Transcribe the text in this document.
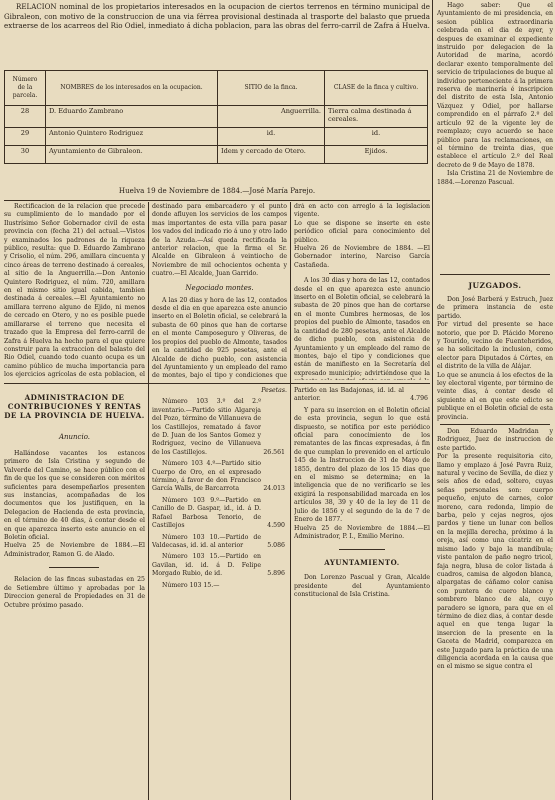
RELACION nominal de los propietarios interesados en la ocupacion de ciertos terrenos en término municipal de Gibraleon, con motivo de la construccion de una via férrea provisional destinada al trasporte del balasto que prueda extraerse de los acarreos del Rio Odiel, inmediato á dicha poblacion, para las obras del ferro-carril de Zafra á Huelva.

Número de la parcela.	NOMBRES de los interesados en la ocupacion.	SITIO de la finca.	CLASE de la finca y cultivo.
28	D. Eduardo Zambrano	Anguerrilla.	Tierra calma destinada á cereales.
29	Antonio Quintero Rodriguez	id.	id.
30	Ayuntamiento de Gibraleon.	Idem y cercado de Otero.	Ejidos.

Huelva 19 de Noviembre de 1884.—José María Parejo.

Hago saber: Que el Ayuntamiento de mi presidencia, en sesion pública extraordinaria celebrada en el dia de ayer, y despues de examinar el expediente instruido por delegacion de la Autoridad de marina, acordó declarar exento temporalmente del servicio de tripulaciones de buque al individuo perteneciente á la primera reserva de marinería é inscripcion del distrito de esta Isla, Antonio Vázquez y Odiel, por hallarse comprendido en el párrafo 2.º del artículo 92 de la vigente ley de reemplazo; cuyo acuerdo se hace público para las reclamaciones, en el término de treinta dias, que establece el artículo 2.º del Real decreto de 9 de Mayo de 1878.

Isla Cristina 21 de Noviembre de 1884.—Lorenzo Pascual.

JUZGADOS.

Don José Barberá y Estruch, Juez de primera instancia de este partido.
Por virtud del presente se hace notorio, que por D. Plácido Moreno y Tourido, vecino de Fuenteheridos, se ha solicitado la inclusion, como elector para Diputados á Córtes, en el distrito de la villa de Alájar.
Lo que se anuncia á los efectos de la ley electoral vigente, por término de veinte dias, á contar desde el siguiente al en que este edicto se publique en el Boletin oficial de esta provincia.

Rectificacion de la relacion que precede su cumplimiento de lo mandado por el Ilustrísimo Señor Gobernador civil de esta provincia con (fecha 21) del actual.—Vistos y examinados los padrones de la riqueza público, resulta: que D. Eduardo Zambrano y Crisolio, el núm. 296, amillara cincuenta y cinco áreas de terreno destinado á cereales, al sitio de la Anguerrilla.—Don Antonio Quintero Rodriguez, el núm. 720, amillara en el mismo sitio igual cabida, tambien destinada á cereales.—El Ayuntamiento no amillara terreno alguno de Ejido, ni menos de cercado en Otero, y no es posible puede amillararse el terreno que necesita el trazado que la Empresa del ferro-carril de Zafra á Huelva ha hecho para el que quiere construir para la extraccion del balasto del Rio Odiel, cuando todo cuanto ocupa es un camino público de mucha importancia para los ejercicios agrícolas de esta poblacion, el

destinado para embarcadero y el punto donde afluyen los servicios de los campos mas importantes de esta villa para pasar los vados del indicado rio á uno y otro lado de la Azuda.—Así queda rectificada la anterior relacion, que la firma el Sr. Alcalde en Gibraleon á veintiocho de Noviembre de mil ochocientos ochenta y cuatro.—El Alcalde, Juan Garrido.

Negociado montes.

A las 20 dias y hora de las 12, contados desde el dia en que aparezca este anuncio inserto en el Boletin oficial, se celebrará la subasta de 60 pinos que han de cortarse en el monte Camposeguro y Oliveras, de los propios del pueblo de Almonte, tasados en la cantidad de 925 pesetas, ante el Alcalde de dicho pueblo, con asistencia del Ayuntamiento y un empleado del ramo de montes, bajo el tipo y condiciones que

drá en acto con arreglo á la legislacion vigente.
Lo que se dispone se inserte en este periódico oficial para conocimiento del público.
Huelva 26 de Noviembre de 1884. —El Gobernador interino, Narciso García Castañeda.

A los 30 dias y hora de las 12, contados desde el en que aparezca este anuncio inserto en el Boletin oficial, se celebrará la subasta de 20 pinos que han de cortarse en el monte Cumbres hermosas, de los propios del pueblo de Almonte, tasados en la cantidad de 280 pesetas, ante el Alcalde de dicho pueblo, con asistencia de Ayuntamiento y un empleado del ramo de montes, bajo el tipo y condiciones que están de manifiesto en la Secretaría del expresado municipio; advirtiéndose que la

ADMINISTRACION DE CONTRIBUCIONES Y RENTAS DE LA PROVINCIA DE HUELVA.

Anuncio.

Hallándose vacantes los estancos primero de Isla Cristina y segundo de Valverde del Camino, se hace público con el fin de que los que se consideren con méritos suficientes para desempeñarlos presenten sus instancias, acompañadas de los documentos que los justifiquen, en la Delegacion de Hacienda de esta provincia, en el término de 40 dias, á contar desde el en que aparezca inserto este anuncio en el Boletin oficial.
Huelva 25 de Noviembre de 1884.—El Administrador, Ramon G. de Alado.

Relacion de las fincas subastadas en 25 de Setiembre último y aprobadas por la Direccion general de Propiedades en 31 de Octubre próximo pasado.

Pesetas.

Número 103 3.º del 2.º inventario.—Partido sitio Algareja del Pozo, término de Villanueva de los Castillejos, rematado á favor de D. Juan de los Santos Gomez y Rodriguez, vecino de Villanueva de los Castillejos.	26.561

Número 103 4.º—Partido sitio Cuerpo de Oro, en el expresado término, á favor de don Francisco García Walls, de Barcarrota	24.013

Número 103 9.º—Partido en Canillo de D. Gaspar, id., id. á D. Rafael Barbosa Tenorio, de Castillejos	4.590

Número 103 10.—Partido de Valdecasas, id. id. al anterior	5.086

Número 103 15.—Partido en Gavilan, id. id. á D. Felipe Morgado Rubio, de id.	5.896

Número 103 15.—

Partido en las Badajonas, id. id. al anterior.	4.796

Y para su insercion en el Boletin oficial de esta provincia, segun lo que está dispuesto, se notifica por este periódico oficial para conocimiento de los rematantes de las fincas expresadas, á fin de que cumplan lo prevenido en el artículo 145 de la Instruccion de 31 de Mayo de 1855, dentro del plazo de los 15 dias que en el mismo se determina; en la inteligencia que de no verificarlo se les exigirá la responsabilidad marcada en los artículos 38, 39 y 40 de la ley de 11 de Julio de 1856 y el segundo de la de 7 de Enero de 1877.
Huelva 25 de Noviembre de 1884.—El Administrador, P. I., Emilio Merino.

AYUNTAMIENTO.

Don Lorenzo Pascual y Gran, Alcalde presidente del Ayuntamiento constitucional de Isla Cristina.

Don Eduardo Madridan y Rodriguez, Juez de instruccion de este partido.
Por la presente requisitoria cito, llamo y emplazo á José Pavra Ruiz, natural y vecino de Sevilla, de diez y seis años de edad, soltero, cuyas señas personales son: cuerpo pequeño, enjuto de carnes, color moreno, cara redonda, limpio de barba, pelo y cejas negros, ojos pardos y tiene un lunar con bellos en la mejilla derecha, próximo á la oreja, así como una cicatriz en el mismo lado y bajo la mandíbula; viste pantalon de paño negro tricol, faja negra, blusa de color listada á cuadros, camisa de algodon blanca, alpargatas de cáñamo color canisa con puntera de cuero blanco y sombrero blanco de ala, cuyo paradero se ignora, para que en el término de diez dias, á contar desde aquel en que tenga lugar la insercion de la presente en la Gaceta de Madrid, comparezca en este Juzgado para la práctica de una diligencia acordada en la causa que en el mismo se sigue contra el
